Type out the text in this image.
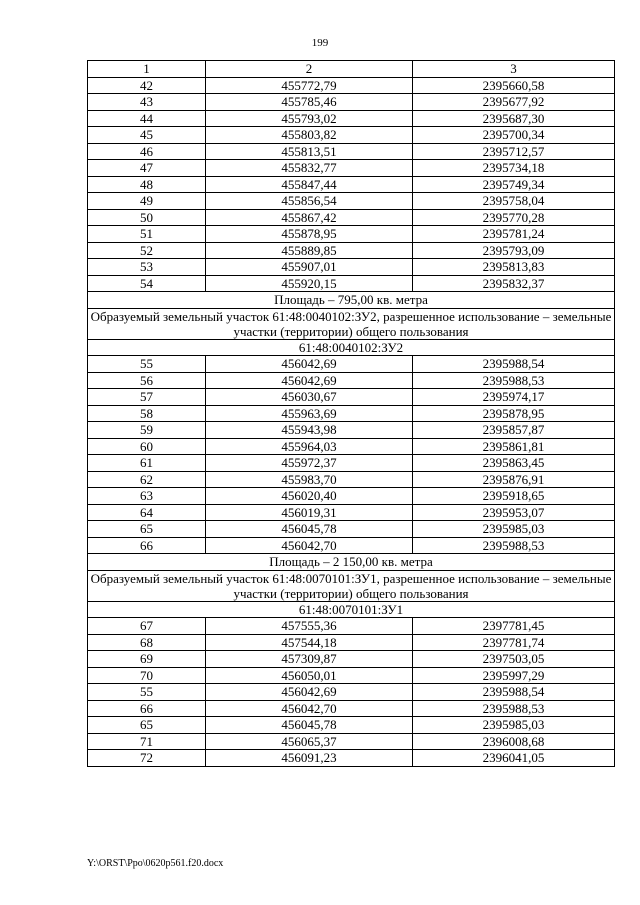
199
1	2	3
42	455772,79	2395660,58
43	455785,46	2395677,92
44	455793,02	2395687,30
45	455803,82	2395700,34
46	455813,51	2395712,57
47	455832,77	2395734,18
48	455847,44	2395749,34
49	455856,54	2395758,04
50	455867,42	2395770,28
51	455878,95	2395781,24
52	455889,85	2395793,09
53	455907,01	2395813,83
54	455920,15	2395832,37
Площадь – 795,00 кв. метра		
Образуемый земельный участок 61:48:0040102:ЗУ2, разрешенное использование – земельные участки (территории) общего пользования		
61:48:0040102:ЗУ2		
55	456042,69	2395988,54
56	456042,69	2395988,53
57	456030,67	2395974,17
58	455963,69	2395878,95
59	455943,98	2395857,87
60	455964,03	2395861,81
61	455972,37	2395863,45
62	455983,70	2395876,91
63	456020,40	2395918,65
64	456019,31	2395953,07
65	456045,78	2395985,03
66	456042,70	2395988,53
Площадь – 2 150,00 кв. метра		
Образуемый земельный участок 61:48:0070101:ЗУ1, разрешенное использование – земельные участки (территории) общего пользования		
61:48:0070101:ЗУ1		
67	457555,36	2397781,45
68	457544,18	2397781,74
69	457309,87	2397503,05
70	456050,01	2395997,29
55	456042,69	2395988,54
66	456042,70	2395988,53
65	456045,78	2395985,03
71	456065,37	2396008,68
72	456091,23	2396041,05
Y:\ORST\Ppo\0620p561.f20.docx
